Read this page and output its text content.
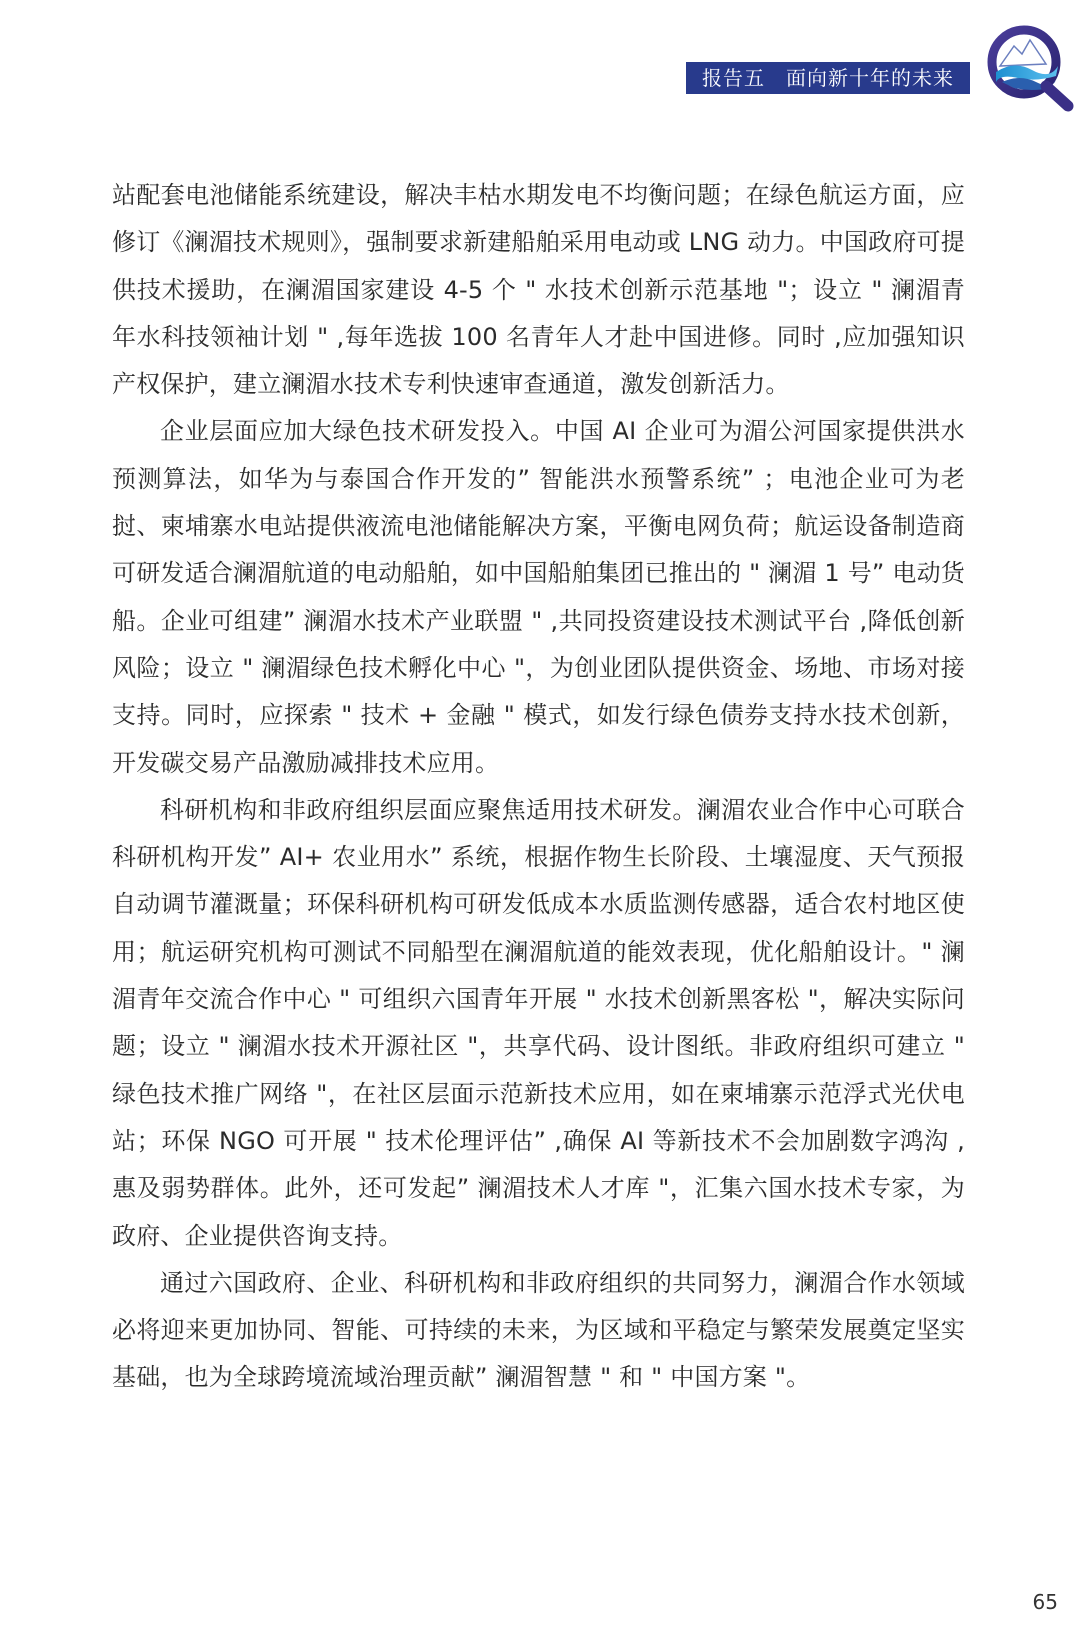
报告五　面向新十年的未来

站配套电池储能系统建设，解决丰枯水期发电不均衡问题；在绿色航运方面，应修订《澜湄技术规则》，强制要求新建船舶采用电动或 LNG 动力。中国政府可提供技术援助，在澜湄国家建设 4-5 个 " 水技术创新示范基地 "；设立 " 澜湄青年水科技领袖计划 " ,每年选拔 100 名青年人才赴中国进修。同时 ,应加强知识产权保护，建立澜湄水技术专利快速审查通道，激发创新活力。

企业层面应加大绿色技术研发投入。中国 AI 企业可为湄公河国家提供洪水预测算法，如华为与泰国合作开发的” 智能洪水预警系统” ；电池企业可为老挝、柬埔寨水电站提供液流电池储能解决方案，平衡电网负荷；航运设备制造商可研发适合澜湄航道的电动船舶，如中国船舶集团已推出的 " 澜湄 1 号” 电动货船。企业可组建” 澜湄水技术产业联盟 " ,共同投资建设技术测试平台 ,降低创新风险；设立 " 澜湄绿色技术孵化中心 "，为创业团队提供资金、场地、市场对接支持。同时，应探索 " 技术 + 金融 " 模式，如发行绿色债券支持水技术创新，开发碳交易产品激励减排技术应用。

科研机构和非政府组织层面应聚焦适用技术研发。澜湄农业合作中心可联合科研机构开发” AI+ 农业用水” 系统，根据作物生长阶段、土壤湿度、天气预报自动调节灌溉量；环保科研机构可研发低成本水质监测传感器，适合农村地区使用；航运研究机构可测试不同船型在澜湄航道的能效表现，优化船舶设计。" 澜湄青年交流合作中心 " 可组织六国青年开展 " 水技术创新黑客松 "，解决实际问题；设立 " 澜湄水技术开源社区 "，共享代码、设计图纸。非政府组织可建立 " 绿色技术推广网络 "，在社区层面示范新技术应用，如在柬埔寨示范浮式光伏电站；环保 NGO 可开展 " 技术伦理评估” ,确保 AI 等新技术不会加剧数字鸿沟 ,惠及弱势群体。此外，还可发起” 澜湄技术人才库 "，汇集六国水技术专家，为政府、企业提供咨询支持。

通过六国政府、企业、科研机构和非政府组织的共同努力，澜湄合作水领域必将迎来更加协同、智能、可持续的未来，为区域和平稳定与繁荣发展奠定坚实基础，也为全球跨境流域治理贡献” 澜湄智慧 " 和 " 中国方案 "。

65
